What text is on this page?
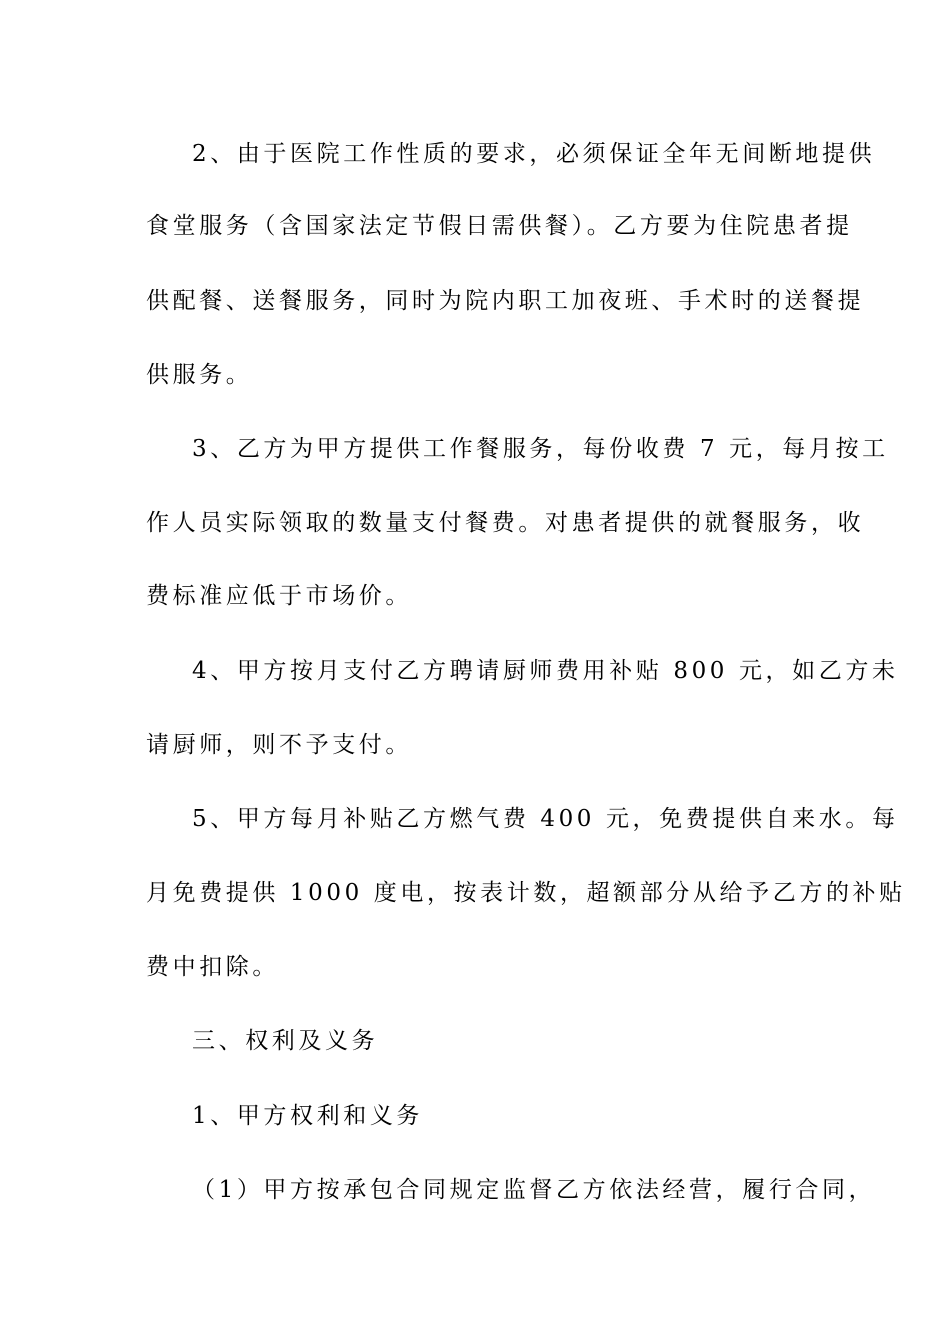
2、由于医院工作性质的要求，必须保证全年无间断地提供
食堂服务（含国家法定节假日需供餐）。乙方要为住院患者提
供配餐、送餐服务，同时为院内职工加夜班、手术时的送餐提
供服务。
3、乙方为甲方提供工作餐服务，每份收费 7 元，每月按工
作人员实际领取的数量支付餐费。对患者提供的就餐服务，收
费标准应低于市场价。
4、甲方按月支付乙方聘请厨师费用补贴 800 元，如乙方未
请厨师，则不予支付。
5、甲方每月补贴乙方燃气费 400 元，免费提供自来水。每
月免费提供 1000 度电，按表计数，超额部分从给予乙方的补贴
费中扣除。
三、权利及义务
1、甲方权利和义务
（1）甲方按承包合同规定监督乙方依法经营，履行合同，
